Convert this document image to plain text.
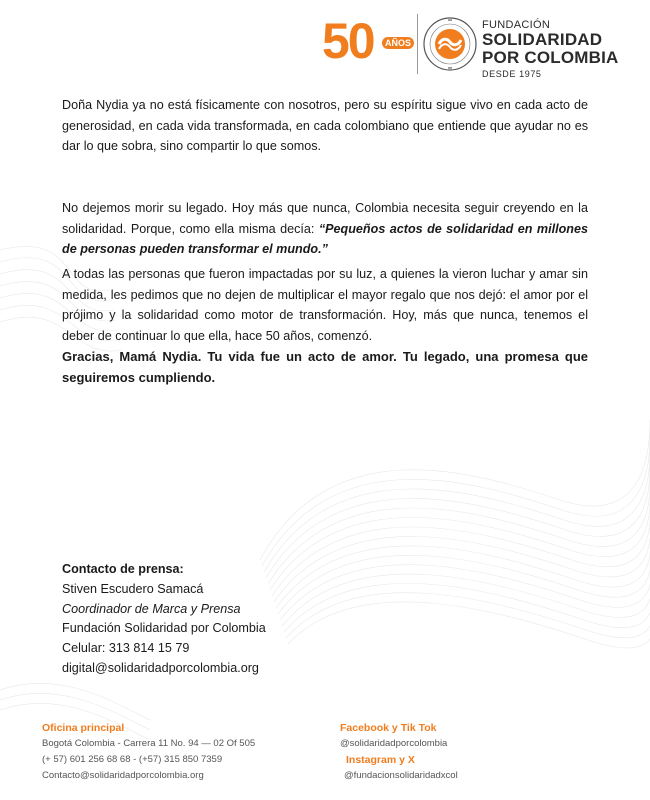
50	AÑOS
FUNDACIÓN
SOLIDARIDAD
POR COLOMBIA
DESDE 1975

Doña Nydia ya no está físicamente con nosotros, pero su espíritu sigue vivo en cada acto de generosidad, en cada vida transformada, en cada colombiano que entiende que ayudar no es dar lo que sobra, sino compartir lo que somos.

No dejemos morir su legado. Hoy más que nunca, Colombia necesita seguir creyendo en la solidaridad. Porque, como ella misma decía: “Pequeños actos de solidaridad en millones de personas pueden transformar el mundo.”

A todas las personas que fueron impactadas por su luz, a quienes la vieron luchar y amar sin medida, les pedimos que no dejen de multiplicar el mayor regalo que nos dejó: el amor por el prójimo y la solidaridad como motor de transformación. Hoy, más que nunca, tenemos el deber de continuar lo que ella, hace 50 años, comenzó.

Gracias, Mamá Nydia. Tu vida fue un acto de amor. Tu legado, una promesa que seguiremos cumpliendo.

Contacto de prensa:
Stiven Escudero Samacá
Coordinador de Marca y Prensa
Fundación Solidaridad por Colombia
Celular: 313 814 15 79
digital@solidaridadporcolombia.org
Oficina principal
Bogotá Colombia - Carrera 11 No. 94 — 02 Of 505
(+ 57) 601 256 68 68 - (+57) 315 850 7359
Contacto@solidaridadporcolombia.org
Facebook y Tik Tok
@solidaridadporcolombia
Instagram y X
@fundacionsolidaridadxcol
